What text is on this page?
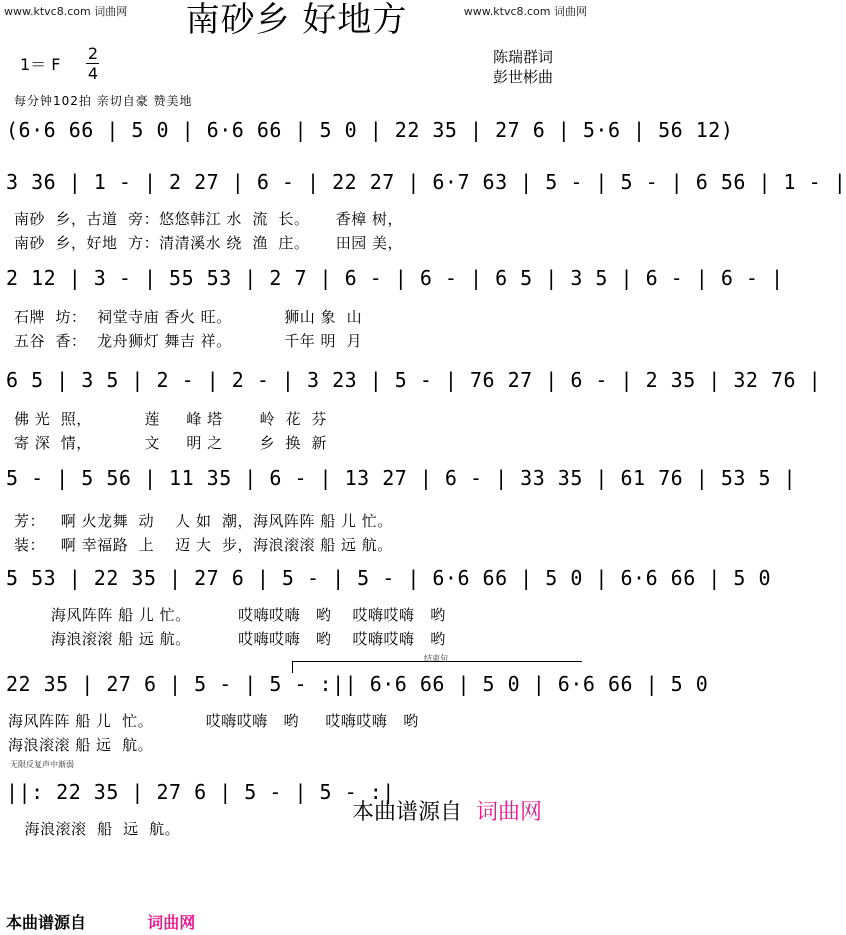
www.ktvc8.com 词曲网	www.ktvc8.com 词曲网
南砂乡 好地方
1＝ F
2
4
陈瑞群词
彭世彬曲
每分钟102拍 亲切自豪 赞美地
(6·6 66 | 5 0 | 6·6 66 | 5 0 | 22 35 | 27 6 | 5·6 | 56 12)
3 36 | 1 - | 2 27 | 6 - | 22 27 | 6·7 63 | 5 - | 5 - | 6 56 | 1 - |
南砂  乡，古道  旁：悠悠韩江 水  流  长。     香樟 树，
南砂  乡，好地  方：清清溪水 绕  渔  庄。     田园 美，
2 12 | 3 - | 55 53 | 2 7 | 6 - | 6 - | 6 5 | 3 5 | 6 - | 6 - |
石牌  坊：  祠堂寺庙 香火 旺。          狮山 象  山
五谷  香：  龙舟狮灯 舞吉 祥。          千年 明  月
6 5 | 3 5 | 2 - | 2 - | 3 23 | 5 - | 76 27 | 6 - | 2 35 | 32 76 |
佛 光  照，          莲     峰 塔       岭  花  芬
寄 深  情，          文     明 之       乡  换  新
5 - | 5 56 | 11 35 | 6 - | 13 27 | 6 - | 33 35 | 61 76 | 53 5 |
芳：   啊 火龙舞  动    人 如  潮，海风阵阵 船 儿 忙。
装：   啊 幸福路  上    迈 大  步，海浪滚滚 船 远 航。
5 53 | 22 35 | 27 6 | 5 - | 5 - | 6·6 66 | 5 0 | 6·6 66 | 5 0
海风阵阵 船 儿 忙。         哎嗨哎嗨   哟    哎嗨哎嗨   哟
海浪滚滚 船 远 航。         哎嗨哎嗨   哟    哎嗨哎嗨   哟
结束句
22 35 | 27 6 | 5 - | 5 - :|| 6·6 66 | 5 0 | 6·6 66 | 5 0
海风阵阵 船 儿  忙。          哎嗨哎嗨   哟     哎嗨哎嗨   哟
海浪滚滚 船 远  航。
无限反复声中渐弱
||: 22 35 | 27 6 | 5 - | 5 - :|
海浪滚滚  船  远  航。
本曲谱源自 词曲网
本曲谱源自	词曲网
